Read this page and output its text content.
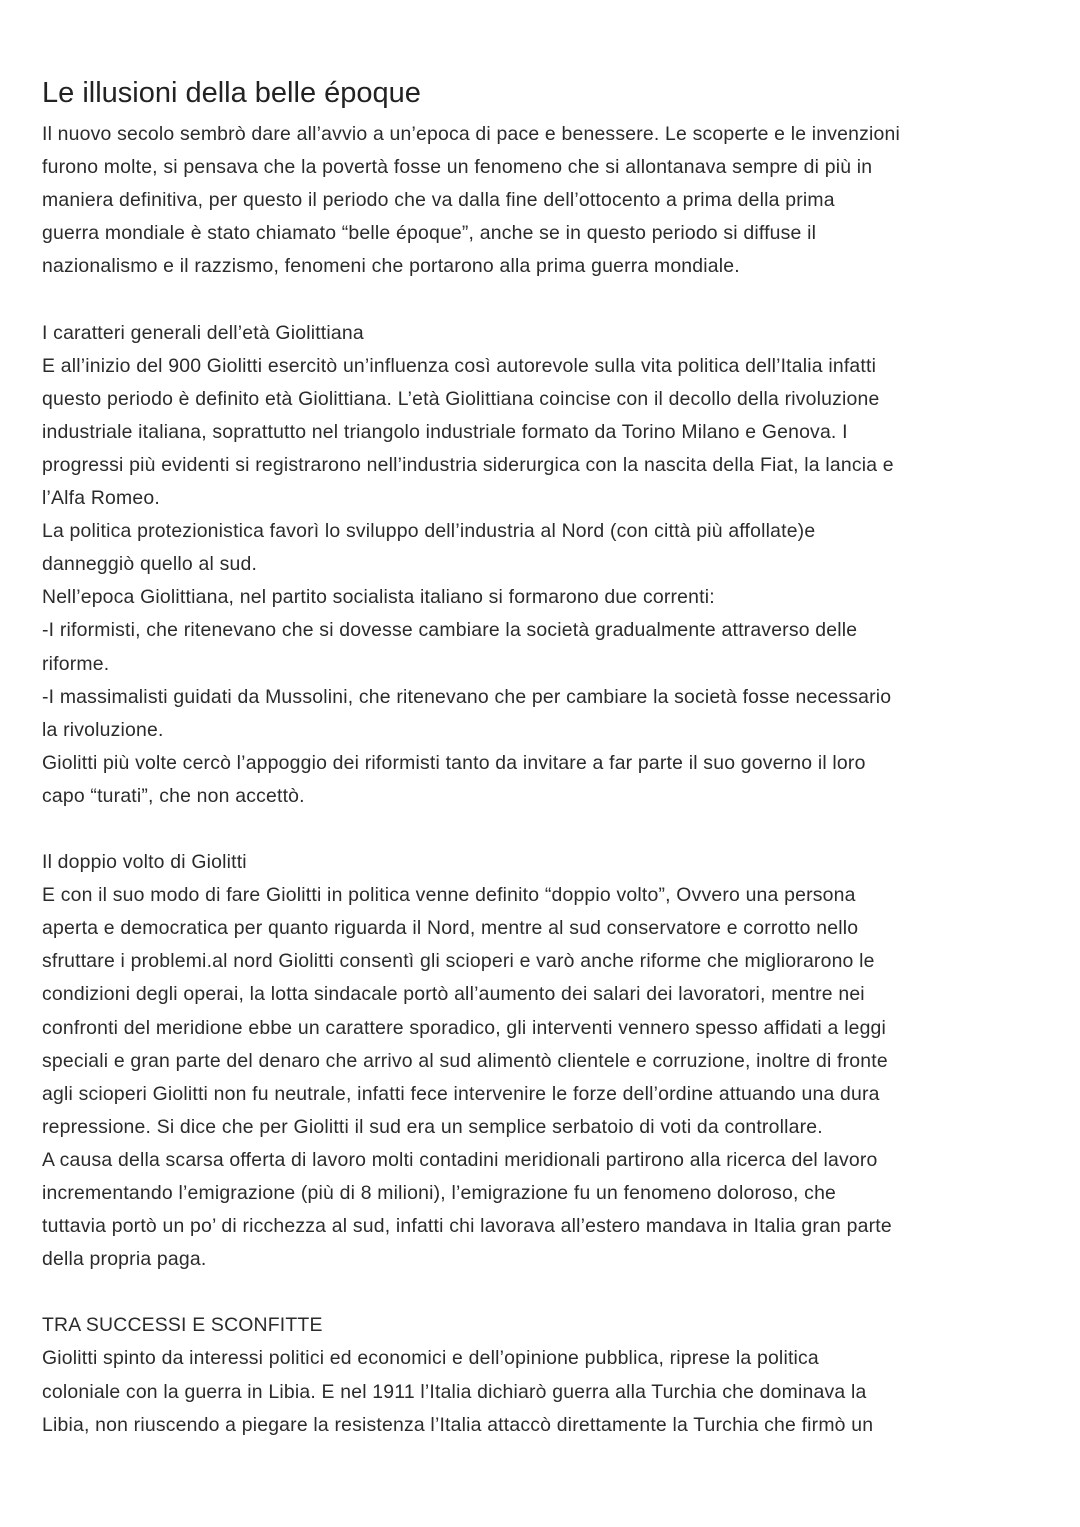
Le illusioni della belle époque
Il nuovo secolo sembrò dare all’avvio a un’epoca di pace e benessere. Le scoperte e le invenzioni
furono molte, si pensava che la povertà fosse un fenomeno che si allontanava sempre di più in
maniera definitiva, per questo il periodo che va dalla fine dell’ottocento a prima della prima
guerra mondiale è stato chiamato “belle époque”, anche se in questo periodo si diffuse il
nazionalismo e il razzismo, fenomeni che portarono alla prima guerra mondiale.
I caratteri generali dell’età Giolittiana
E all’inizio del 900 Giolitti esercitò un’influenza così autorevole sulla vita politica dell’Italia infatti
questo periodo è definito età Giolittiana. L’età Giolittiana coincise con il decollo della rivoluzione
industriale italiana, soprattutto nel triangolo industriale formato da Torino Milano e Genova. I
progressi più evidenti si registrarono nell’industria siderurgica con la nascita della Fiat, la lancia e
l’Alfa Romeo.
La politica protezionistica favorì lo sviluppo dell’industria al Nord (con città più affollate)e
danneggiò quello al sud.
Nell’epoca Giolittiana, nel partito socialista italiano si formarono due correnti:
-I riformisti, che ritenevano che si dovesse cambiare la società gradualmente attraverso delle
riforme.
-I massimalisti guidati da Mussolini, che ritenevano che per cambiare la società fosse necessario
la rivoluzione.
Giolitti più volte cercò l’appoggio dei riformisti tanto da invitare a far parte il suo governo il loro
capo “turati”, che non accettò.
Il doppio volto di Giolitti
E con il suo modo di fare Giolitti in politica venne definito “doppio volto”, Ovvero una persona
aperta e democratica per quanto riguarda il Nord, mentre al sud conservatore e corrotto nello
sfruttare i problemi.al nord Giolitti consentì gli scioperi e varò anche riforme che migliorarono le
condizioni degli operai, la lotta sindacale portò all’aumento dei salari dei lavoratori, mentre nei
confronti del meridione ebbe un carattere sporadico, gli interventi vennero spesso affidati a leggi
speciali e gran parte del denaro che arrivo al sud alimentò clientele e corruzione, inoltre di fronte
agli scioperi Giolitti non fu neutrale, infatti fece intervenire le forze dell’ordine attuando una dura
repressione. Si dice che per Giolitti il sud era un semplice serbatoio di voti da controllare.
A causa della scarsa offerta di lavoro molti contadini meridionali partirono alla ricerca del lavoro
incrementando l’emigrazione (più di 8 milioni), l’emigrazione fu un fenomeno doloroso, che
tuttavia portò un po’ di ricchezza al sud, infatti chi lavorava all’estero mandava in Italia gran parte
della propria paga.
TRA SUCCESSI E SCONFITTE
Giolitti spinto da interessi politici ed economici e dell’opinione pubblica, riprese la politica
coloniale con la guerra in Libia. E nel 1911 l’Italia dichiarò guerra alla Turchia che dominava la
Libia, non riuscendo a piegare la resistenza l’Italia attaccò direttamente la Turchia che firmò un
